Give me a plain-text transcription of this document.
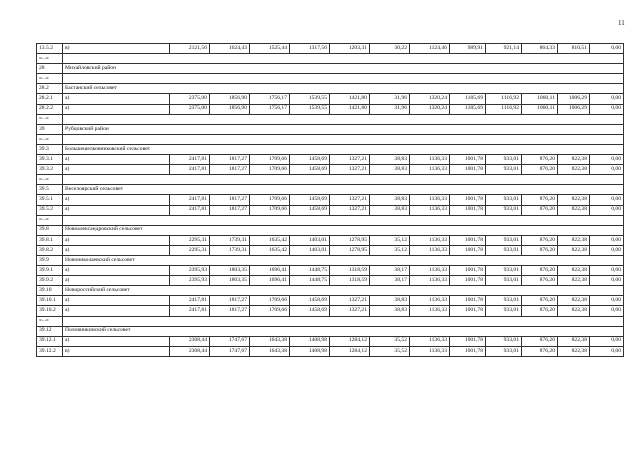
11
13.5.2	в)	2121,56	1624,43	1525,44	1317,56	1203,31	30,22	1124,46	989,91	921,14	864,33	810,51	0,00
«...»													
28	Михайловский район												
«...»													
28.2	Бастанский сельсовет												
28.2.1	а)	2375,00	1856,90	1756,17	1539,55	1421,80	31,96	1320,24	1185,69	1116,92	1060,11	1006,29	0,00
28.2.2	а)	2375,00	1856,90	1756,17	1539,55	1421,80	31,96	1320,24	1185,69	1116,92	1060,11	1006,29	0,00
«...»													
39	Рубцовский район												
«...»													
39.3	Большешелковниковский сельсовет												
39.3.1	а)	2417,81	1817,27	1709,66	1458,69	1327,21	38,83	1136,33	1001,78	933,01	876,20	822,38	0,00
39.3.2	а)	2417,81	1817,27	1709,66	1458,69	1327,21	38,83	1136,33	1001,78	933,01	876,20	822,38	0,00
«...»													
39.5	Веселоярский сельсовет												
39.5.1	а)	2417,81	1817,27	1709,66	1458,69	1327,21	38,83	1136,33	1001,78	933,01	876,20	822,38	0,00
39.5.2	а)	2417,81	1817,27	1709,66	1458,69	1327,21	38,83	1136,33	1001,78	933,01	876,20	822,38	0,00
«...»													
39.8	Новоалександровский сельсовет												
39.8.1	а)	2295,31	1739,31	1635,42	1403,01	1278,95	35,12	1136,33	1001,78	933,01	876,20	822,38	0,00
39.8.2	а)	2295,31	1739,31	1635,42	1403,01	1278,95	35,12	1136,33	1001,78	933,01	876,20	822,38	0,00
39.9	Новониколаевский сельсовет												
39.9.1	а)	2395,93	1803,35	1696,41	1448,75	1318,59	38,17	1136,33	1001,78	933,01	876,20	822,38	0,00
39.9.2	а)	2395,93	1803,35	1696,41	1448,75	1318,59	38,17	1136,33	1001,78	933,01	876,20	822,38	0,00
39.10	Новороссийский сельсовет												
39.10.1	а)	2417,81	1817,27	1709,66	1458,69	1327,21	38,83	1136,33	1001,78	933,01	876,20	822,38	0,00
39.10.2	а)	2417,81	1817,27	1709,66	1458,69	1327,21	38,83	1136,33	1001,78	933,01	876,20	822,38	0,00
«...»													
39.12	Половинкинский сельсовет												
39.12.1	а)	2308,44	1747,67	1643,38	1408,98	1284,12	35,52	1136,33	1001,78	933,01	876,20	822,38	0,00
39.12.2	в)	2308,44	1747,67	1643,38	1408,98	1284,12	35,52	1136,33	1001,78	933,01	876,20	822,38	0,00
